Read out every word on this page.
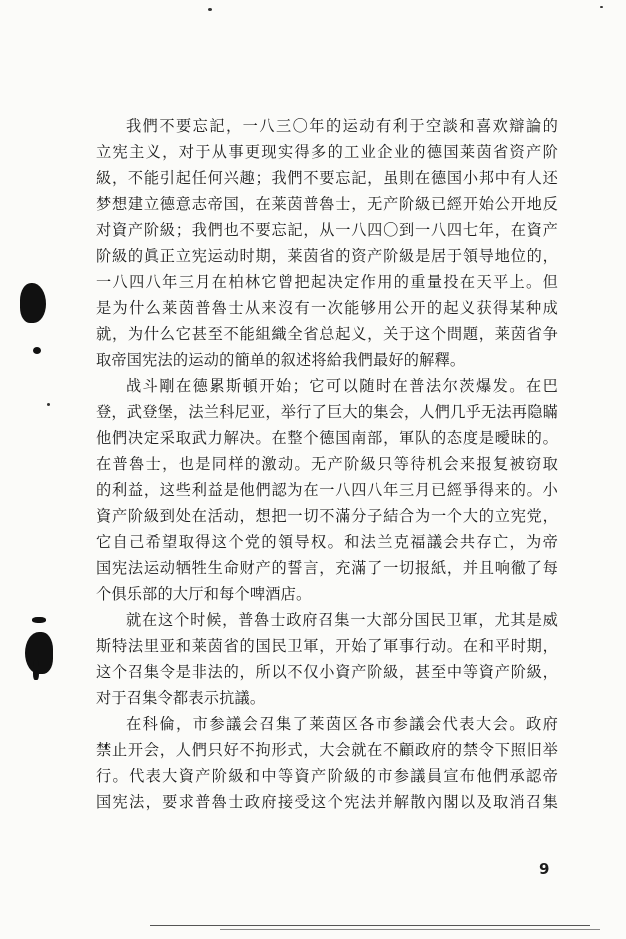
我們不要忘記，一八三〇年的运动有利于空談和喜欢辯論的
立宪主义，对于从事更现实得多的工业企业的德国莱茵省资产阶
級，不能引起任何兴趣；我們不要忘記，虽則在德国小邦中有人还
梦想建立德意志帝国，在莱茵普魯士，无产阶級已經开始公开地反
对資产阶級；我們也不要忘記，从一八四〇到一八四七年，在資产
阶級的眞正立宪运动时期，莱茵省的资产阶級是居于領导地位的，
一八四八年三月在柏林它曾把起决定作用的重量投在天平上。但
是为什么莱茵普魯士从来沒有一次能够用公开的起义获得某种成
就，为什么它甚至不能組織全省总起义，关于这个問題，莱茵省争
取帝国宪法的运动的簡单的叙述将給我們最好的解釋。
战斗剛在德累斯頓开始；它可以随时在普法尔茨爆发。在巴
登，武登堡，法兰科尼亚，举行了巨大的集会，人們几乎无法再隐瞞
他們决定采取武力解决。在整个德国南部，軍队的态度是曖昧的。
在普魯士，也是同样的激动。无产阶級只等待机会来报复被窃取
的利益，这些利益是他們認为在一八四八年三月已經爭得来的。小
資产阶級到处在活动，想把一切不滿分子結合为一个大的立宪党，
它自己希望取得这个党的領导权。和法兰克福議会共存亡，为帝
国宪法运动牺牲生命财产的誓言，充滿了一切报紙，并且响徹了每
个俱乐部的大厅和每个啤酒店。
就在这个时候，普魯士政府召集一大部分国民卫軍，尤其是威
斯特法里亚和莱茵省的国民卫軍，开始了軍事行动。在和平时期，
这个召集令是非法的，所以不仅小資产阶級，甚至中等資产阶級，
对于召集令都表示抗議。
在科倫，市参議会召集了莱茵区各市参議会代表大会。政府
禁止开会，人們只好不拘形式，大会就在不顧政府的禁令下照旧举
行。代表大資产阶級和中等資产阶級的市参議員宣布他們承認帝
国宪法，要求普魯士政府接受这个宪法并解散內閣以及取消召集
9
